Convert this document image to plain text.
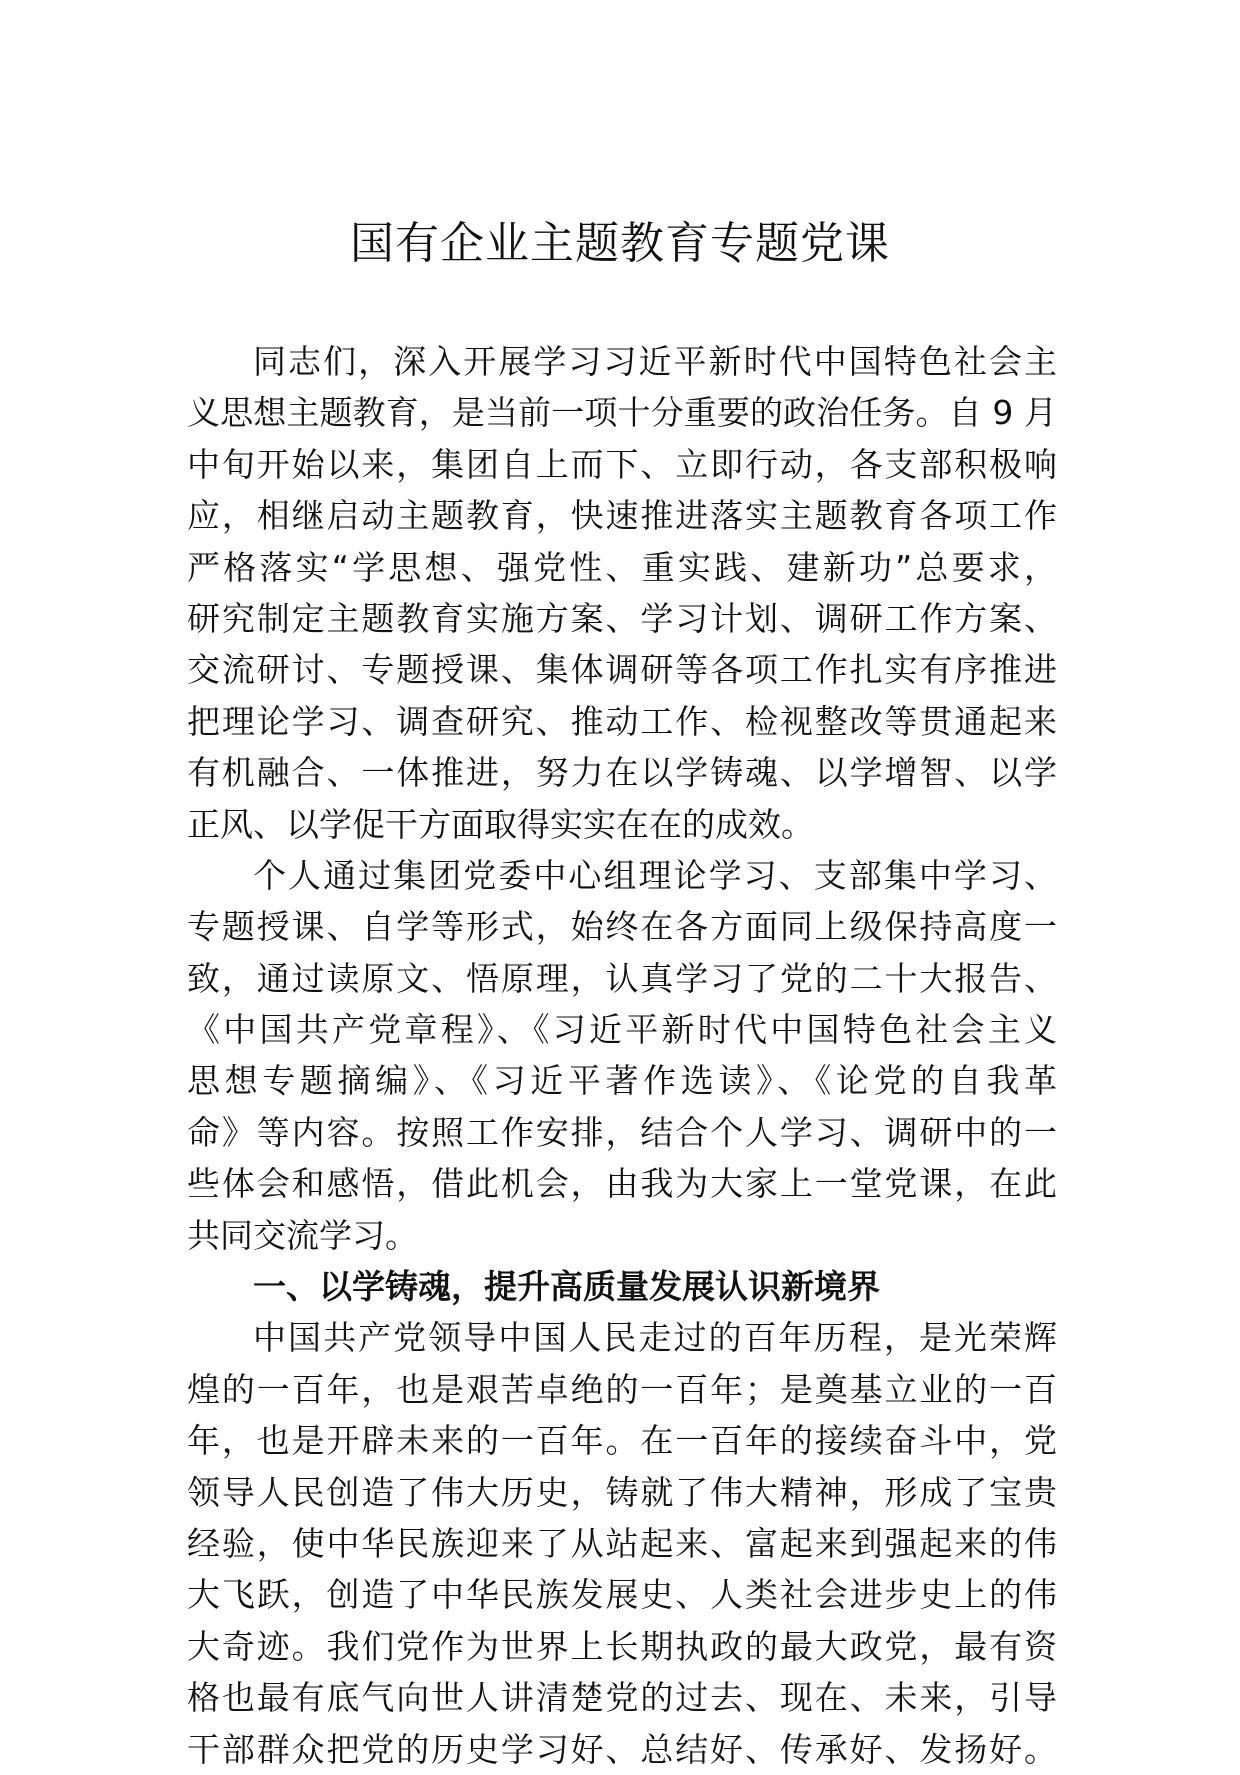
国有企业主题教育专题党课
同志们，深入开展学习习近平新时代中国特色社会主
义思想主题教育，是当前一项十分重要的政治任务。自 9 月
中旬开始以来，集团自上而下、立即行动，各支部积极响
应，相继启动主题教育，快速推进落实主题教育各项工作
严格落实“学思想、强党性、重实践、建新功”总要求，
研究制定主题教育实施方案、学习计划、调研工作方案、
交流研讨、专题授课、集体调研等各项工作扎实有序推进
把理论学习、调查研究、推动工作、检视整改等贯通起来
有机融合、一体推进，努力在以学铸魂、以学增智、以学
正风、以学促干方面取得实实在在的成效。
个人通过集团党委中心组理论学习、支部集中学习、
专题授课、自学等形式，始终在各方面同上级保持高度一
致，通过读原文、悟原理，认真学习了党的二十大报告、
《中国共产党章程》、《习近平新时代中国特色社会主义
思想专题摘编》、《习近平著作选读》、《论党的自我革
命》等内容。按照工作安排，结合个人学习、调研中的一
些体会和感悟，借此机会，由我为大家上一堂党课，在此
共同交流学习。
一、以学铸魂，提升高质量发展认识新境界
中国共产党领导中国人民走过的百年历程，是光荣辉
煌的一百年，也是艰苦卓绝的一百年；是奠基立业的一百
年，也是开辟未来的一百年。在一百年的接续奋斗中，党
领导人民创造了伟大历史，铸就了伟大精神，形成了宝贵
经验，使中华民族迎来了从站起来、富起来到强起来的伟
大飞跃，创造了中华民族发展史、人类社会进步史上的伟
大奇迹。我们党作为世界上长期执政的最大政党，最有资
格也最有底气向世人讲清楚党的过去、现在、未来，引导
干部群众把党的历史学习好、总结好、传承好、发扬好。
